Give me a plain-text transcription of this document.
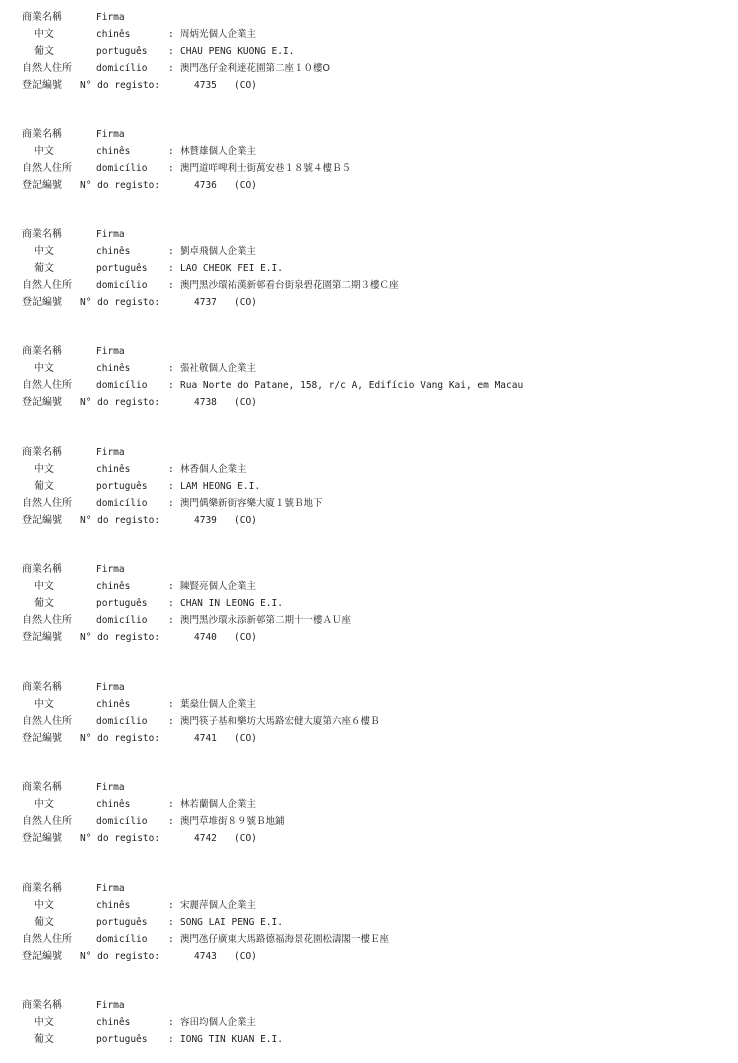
商業名稱	Firma
中文	chinês	: 周炳光個人企業主
葡文	português : CHAU PENG KUONG E.I.
自然人住所	domicílio : 澳門氹仔金利達花園第二座１０樓O
登記編號 N° do registo:	4735 (CO)
商業名稱	Firma
中文	chinês	: 林贊雄個人企業主
自然人住所	domicílio : 澳門道咩啤利士街萬安巷１８號４樓Ｂ５
登記編號 N° do registo:	4736 (CO)
商業名稱	Firma
中文	chinês	: 劉卓飛個人企業主
葡文	português : LAO CHEOK FEI E.I.
自然人住所	domicílio : 澳門黑沙環祐漢新邨看台街泉碧花園第二期３樓Ｃ座
登記編號 N° do registo:	4737 (CO)
商業名稱	Firma
中文	chinês	: 張社敬個人企業主
自然人住所	domicílio : Rua Norte do Patane, 158, r/c A, Edifício Vang Kai, em Macau
登記編號 N° do registo:	4738 (CO)
商業名稱	Firma
中文	chinês	: 林香個人企業主
葡文	português : LAM HEONG E.I.
自然人住所	domicílio : 澳門偊樂新街容樂大廈１號Ｂ地下
登記編號 N° do registo:	4739 (CO)
商業名稱	Firma
中文	chinês	: 陳賢亮個人企業主
葡文	português : CHAN IN LEONG E.I.
自然人住所	domicílio : 澳門黑沙環永添新邨第二期十一樓ＡＵ座
登記編號 N° do registo:	4740 (CO)
商業名稱	Firma
中文	chinês	: 葉燊仕個人企業主
自然人住所	domicílio : 澳門筷子基和樂坊大馬路宏健大廈第六座６樓Ｂ
登記編號 N° do registo:	4741 (CO)
商業名稱	Firma
中文	chinês	: 林若蘭個人企業主
自然人住所	domicílio : 澳門草堆街８９號Ｂ地鋪
登記編號 N° do registo:	4742 (CO)
商業名稱	Firma
中文	chinês	: 宋麗萍個人企業主
葡文	português : SONG LAI PENG E.I.
自然人住所	domicílio : 澳門氹仔廣東大馬路德福海景花園松濤閣一樓Ｅ座
登記編號 N° do registo:	4743 (CO)
商業名稱	Firma
中文	chinês	: 容田均個人企業主
葡文	português : IONG TIN KUAN E.I.
